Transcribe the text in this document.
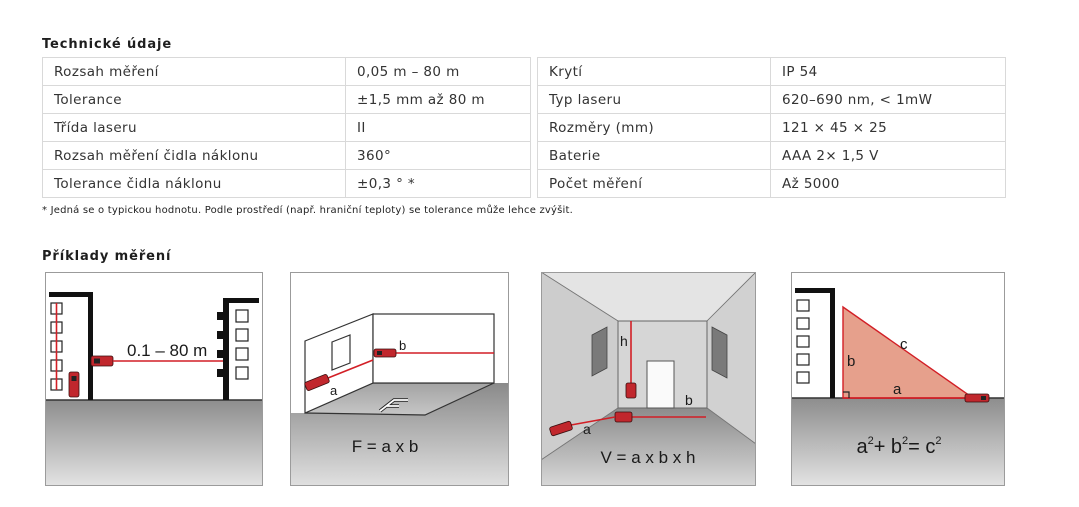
Technické údaje
Rozsah měření	0,05 m – 80 m
Tolerance	±1,5 mm až 80 m
Třída laseru	II
Rozsah měření čidla náklonu	360°
Tolerance čidla náklonu	±0,3 ° *
Krytí	IP 54
Typ laseru	620–690 nm, < 1mW
Rozměry (mm)	121 × 45 × 25
Baterie	AAA 2× 1,5 V
Počet měření	Až 5000
* Jedná se o typickou hodnotu. Podle prostředí (např. hraniční teploty) se tolerance může lehce zvýšit.
Příklady měření
0.1 – 80 m
a
b
F = a x b
h
b
a
V = a x b x h
c
b
a
$a^2+ b^2= c^2$
